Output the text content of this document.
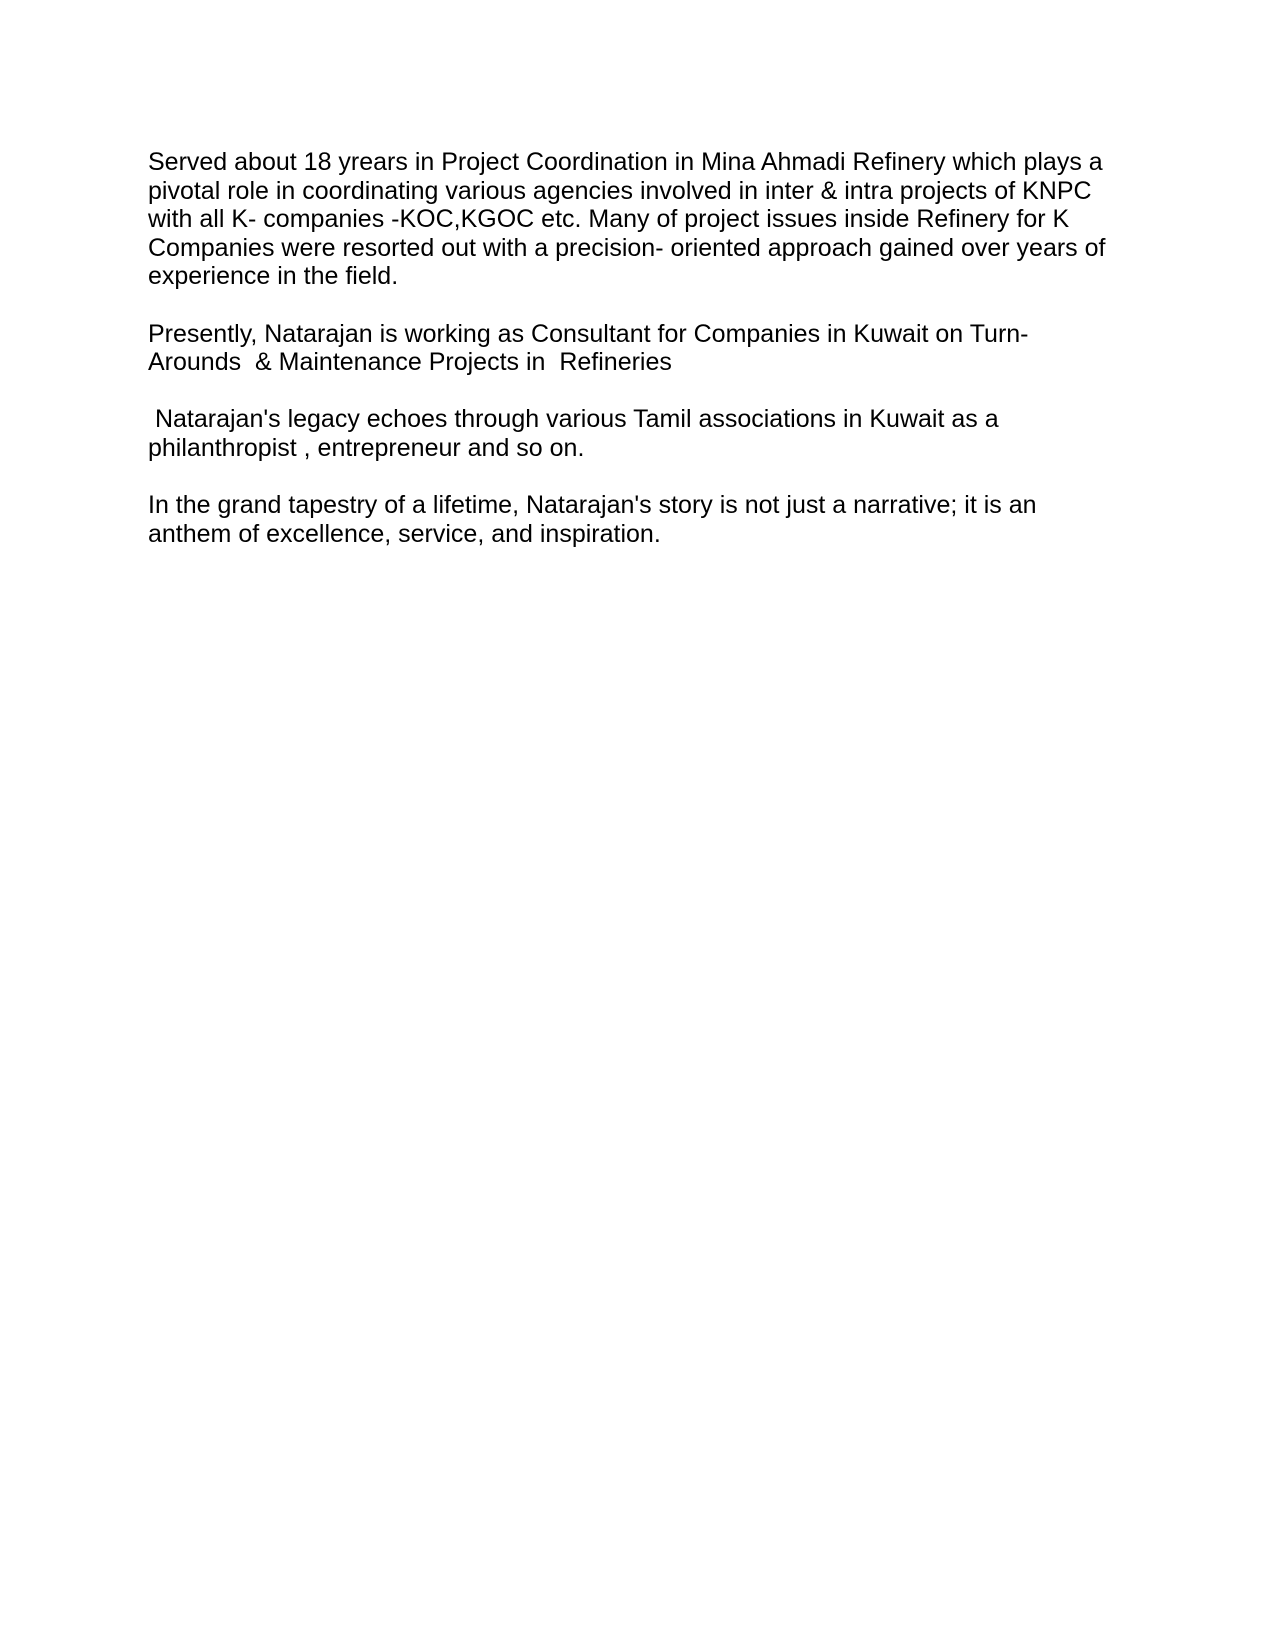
Served about 18 yrears in Project Coordination in Mina Ahmadi Refinery which plays a
pivotal role in coordinating various agencies involved in inter & intra projects of KNPC
with all K- companies -KOC,KGOC etc. Many of project issues inside Refinery for K
Companies were resorted out with a precision- oriented approach gained over years of
experience in the field.
Presently, Natarajan is working as Consultant for Companies in Kuwait on Turn-
Arounds  & Maintenance Projects in  Refineries
Natarajan's legacy echoes through various Tamil associations in Kuwait as a
philanthropist , entrepreneur and so on.
In the grand tapestry of a lifetime, Natarajan's story is not just a narrative; it is an
anthem of excellence, service, and inspiration.
